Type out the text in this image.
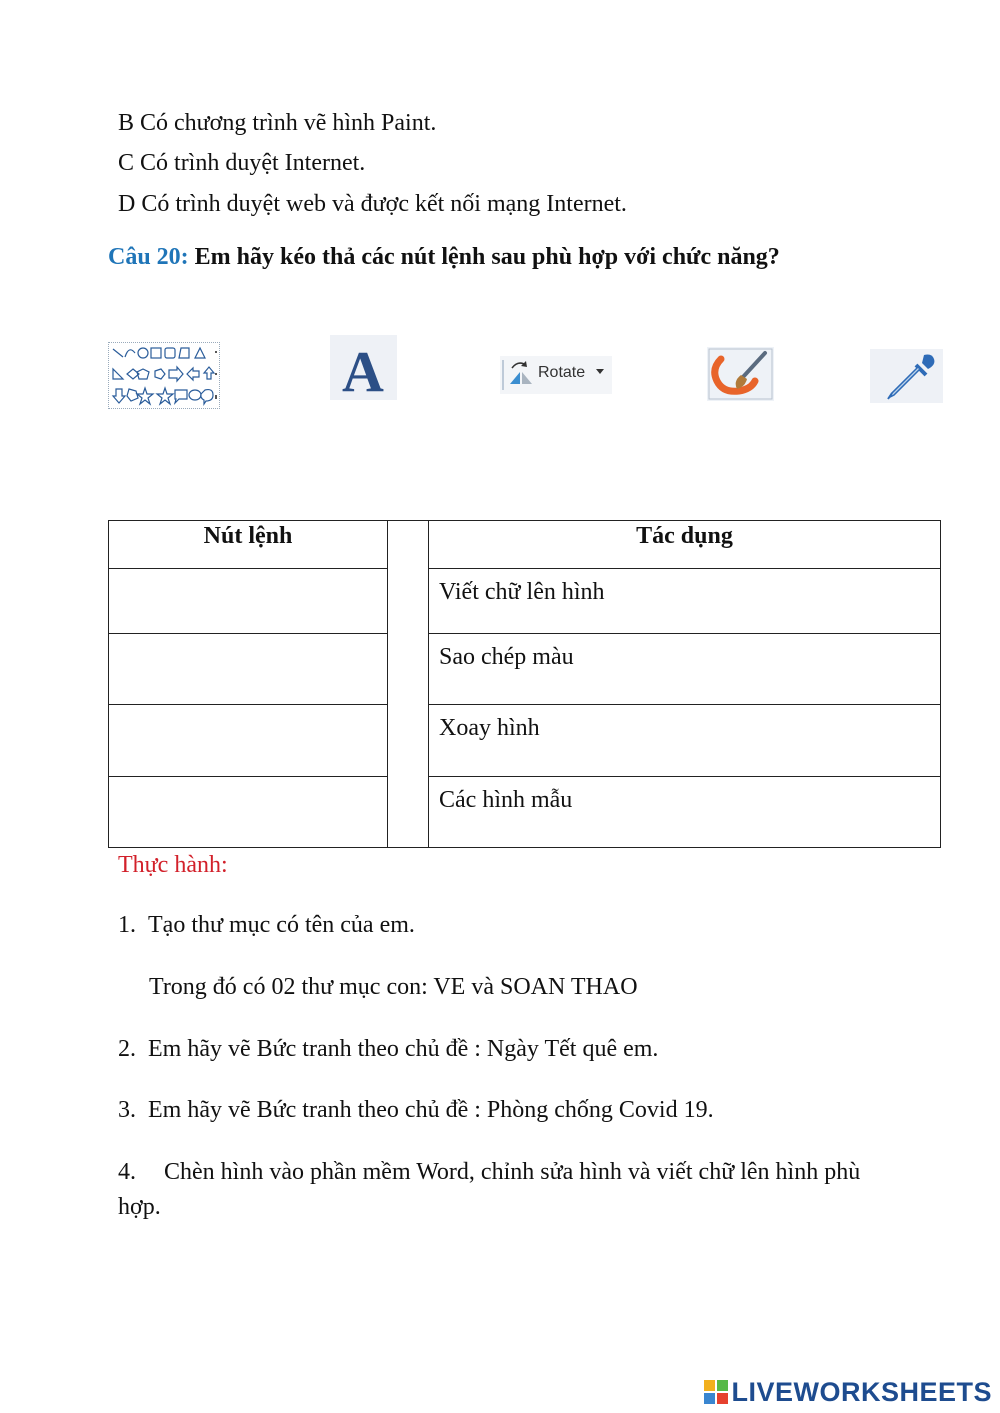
B Có chương trình vẽ hình Paint.
C Có trình duyệt Internet.
D Có trình duyệt web và được kết nối mạng Internet.
Câu 20: Em hãy kéo thả các nút lệnh sau phù hợp với chức năng?
A	Rotate
Nút lệnh		Tác dụng
		Viết chữ lên hình
		Sao chép màu
		Xoay hình
		Các hình mẫu
Thực hành:
1. Tạo thư mục có tên của em.
Trong đó có 02 thư mục con: VE và SOAN THAO
2. Em hãy vẽ Bức tranh theo chủ đề : Ngày Tết quê em.
3. Em hãy vẽ Bức tranh theo chủ đề : Phòng chống Covid 19.
4. Chèn hình vào phần mềm Word, chỉnh sửa hình và viết chữ lên hình phù
hợp.
LIVEWORKSHEETS
